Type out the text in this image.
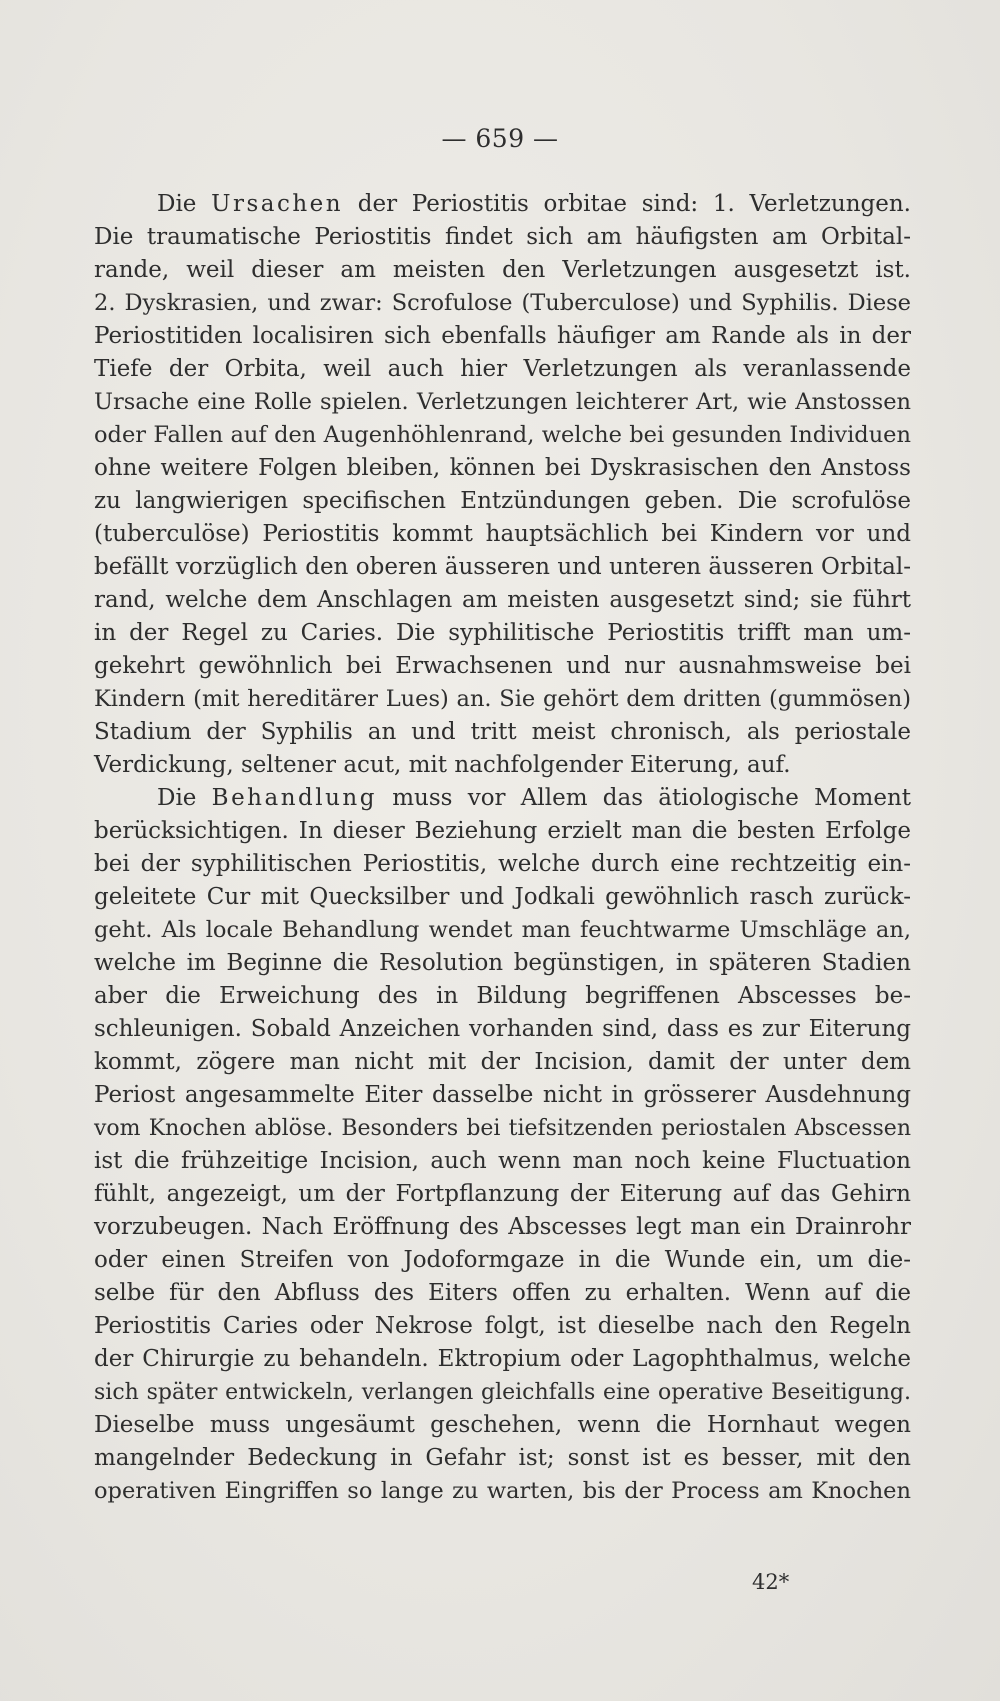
— 659 —
Die Ursachen der Periostitis orbitae sind: 1. Verletzungen.
Die traumatische Periostitis findet sich am häufigsten am Orbital-
rande, weil dieser am meisten den Verletzungen ausgesetzt ist.
2. Dyskrasien, und zwar: Scrofulose (Tuberculose) und Syphilis. Diese
Periostitiden localisiren sich ebenfalls häufiger am Rande als in der
Tiefe der Orbita, weil auch hier Verletzungen als veranlassende
Ursache eine Rolle spielen. Verletzungen leichterer Art, wie Anstossen
oder Fallen auf den Augenhöhlenrand, welche bei gesunden Individuen
ohne weitere Folgen bleiben, können bei Dyskrasischen den Anstoss
zu langwierigen specifischen Entzündungen geben. Die scrofulöse
(tuberculöse) Periostitis kommt hauptsächlich bei Kindern vor und
befällt vorzüglich den oberen äusseren und unteren äusseren Orbital-
rand, welche dem Anschlagen am meisten ausgesetzt sind; sie führt
in der Regel zu Caries. Die syphilitische Periostitis trifft man um-
gekehrt gewöhnlich bei Erwachsenen und nur ausnahmsweise bei
Kindern (mit hereditärer Lues) an. Sie gehört dem dritten (gummösen)
Stadium der Syphilis an und tritt meist chronisch, als periostale
Verdickung, seltener acut, mit nachfolgender Eiterung, auf.
Die Behandlung muss vor Allem das ätiologische Moment
berücksichtigen. In dieser Beziehung erzielt man die besten Erfolge
bei der syphilitischen Periostitis, welche durch eine rechtzeitig ein-
geleitete Cur mit Quecksilber und Jodkali gewöhnlich rasch zurück-
geht. Als locale Behandlung wendet man feuchtwarme Umschläge an,
welche im Beginne die Resolution begünstigen, in späteren Stadien
aber die Erweichung des in Bildung begriffenen Abscesses be-
schleunigen. Sobald Anzeichen vorhanden sind, dass es zur Eiterung
kommt, zögere man nicht mit der Incision, damit der unter dem
Periost angesammelte Eiter dasselbe nicht in grösserer Ausdehnung
vom Knochen ablöse. Besonders bei tiefsitzenden periostalen Abscessen
ist die frühzeitige Incision, auch wenn man noch keine Fluctuation
fühlt, angezeigt, um der Fortpflanzung der Eiterung auf das Gehirn
vorzubeugen. Nach Eröffnung des Abscesses legt man ein Drainrohr
oder einen Streifen von Jodoformgaze in die Wunde ein, um die-
selbe für den Abfluss des Eiters offen zu erhalten. Wenn auf die
Periostitis Caries oder Nekrose folgt, ist dieselbe nach den Regeln
der Chirurgie zu behandeln. Ektropium oder Lagophthalmus, welche
sich später entwickeln, verlangen gleichfalls eine operative Beseitigung.
Dieselbe muss ungesäumt geschehen, wenn die Hornhaut wegen
mangelnder Bedeckung in Gefahr ist; sonst ist es besser, mit den
operativen Eingriffen so lange zu warten, bis der Process am Knochen
42*
